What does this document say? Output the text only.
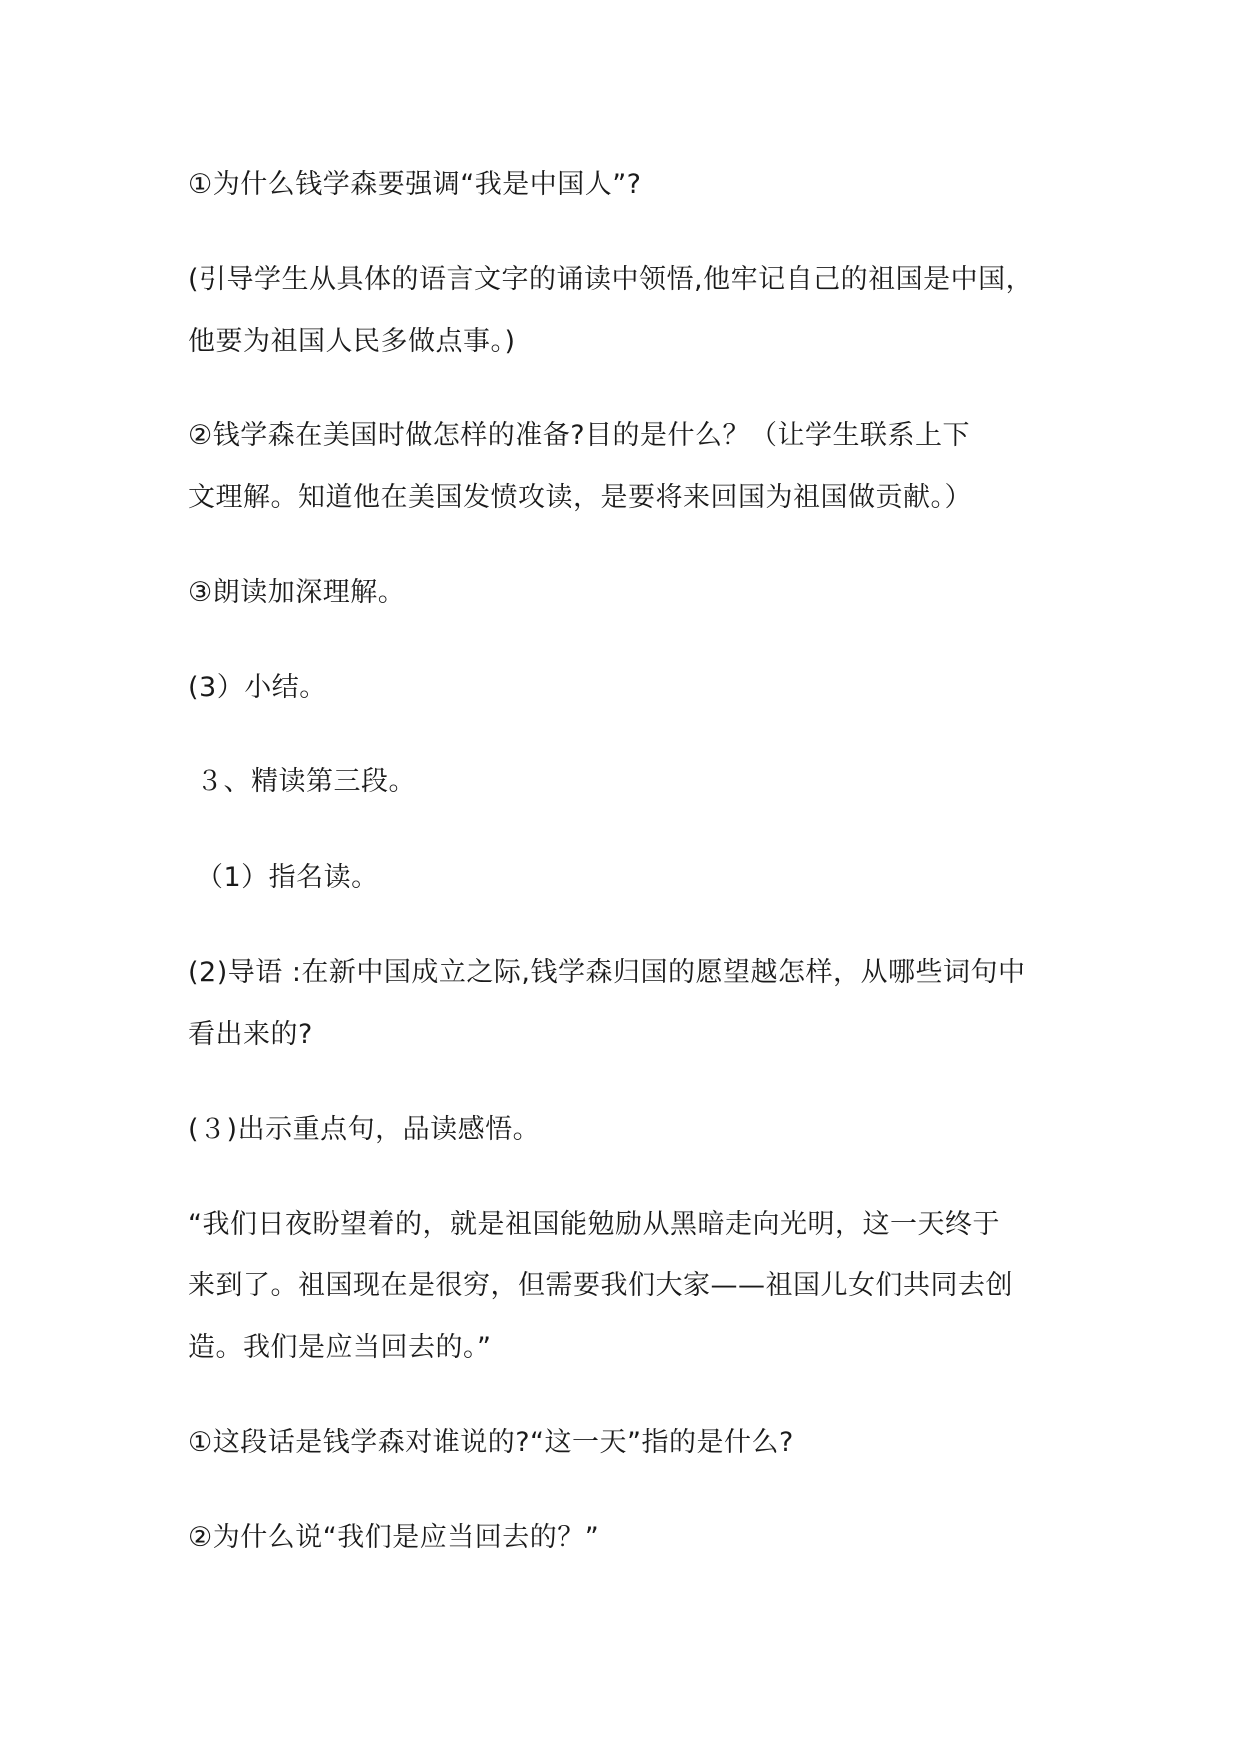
①为什么钱学森要强调“我是中国人”?
(引导学生从具体的语言文字的诵读中领悟,他牢记自己的祖国是中国，
他要为祖国人民多做点事。)
②钱学森在美国时做怎样的准备?目的是什么？（让学生联系上下
文理解。知道他在美国发愤攻读，是要将来回国为祖国做贡献。）
③朗读加深理解。
(3）小结。
３、精读第三段。
（1）指名读。
(2)导语 :在新中国成立之际,钱学森归国的愿望越怎样，从哪些词句中
看出来的?
(３)出示重点句，品读感悟。
“我们日夜盼望着的，就是祖国能勉励从黑暗走向光明，这一天终于
来到了。祖国现在是很穷，但需要我们大家——祖国儿女们共同去创
造。我们是应当回去的。”
①这段话是钱学森对谁说的?“这一天”指的是什么?
②为什么说“我们是应当回去的？”
